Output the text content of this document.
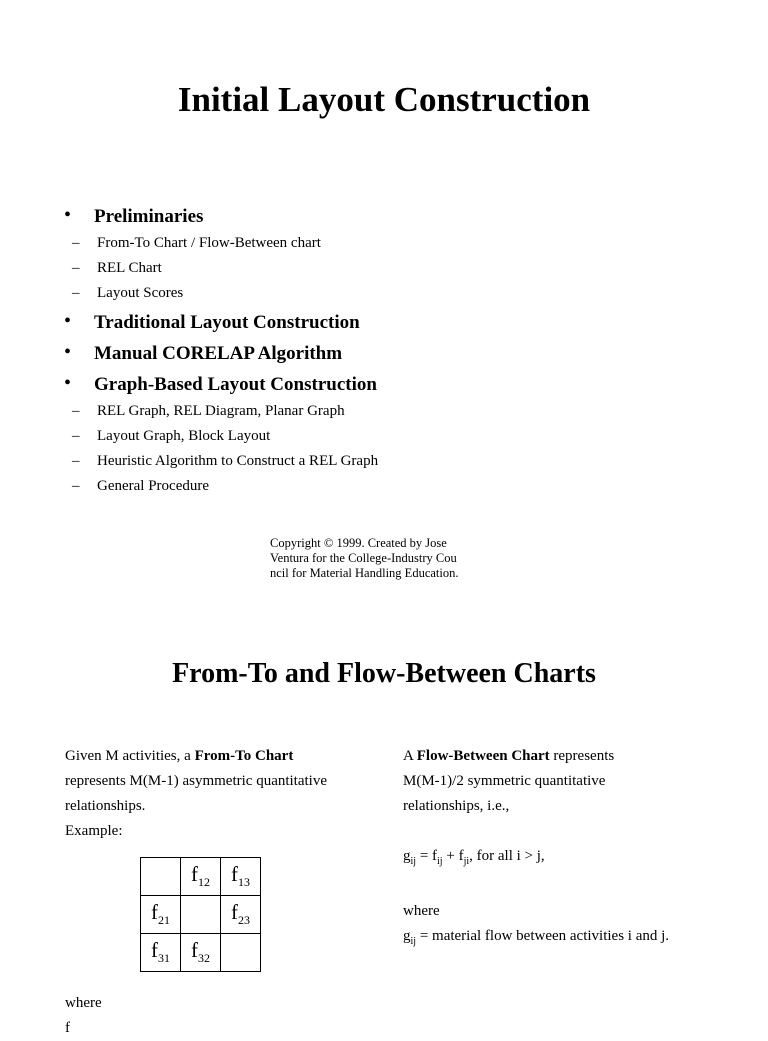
Initial Layout Construction
• Preliminaries
– From-To Chart / Flow-Between chart
– REL Chart
– Layout Scores
• Traditional Layout Construction
• Manual CORELAP Algorithm
• Graph-Based Layout Construction
– REL Graph, REL Diagram, Planar Graph
– Layout Graph, Block Layout
– Heuristic Algorithm to Construct a REL Graph
– General Procedure
Copyright © 1999. Created by Jose
Ventura for the College-Industry Cou
ncil for Material Handling Education.
From-To and Flow-Between Charts

Given M activities, a From-To Chart

represents M(M-1) asymmetric quantitative

relationships.

Example:

	$f_{12}$	$f_{13}$
$f_{21}$		$f_{23}$
$f_{31}$	$f_{32}$	
where
f

A Flow-Between Chart represents

M(M-1)/2 symmetric quantitative

relationships, i.e.,

$g_{ij} = f_{ij} + f_{ji}$, for all i > j,

where

$g_{ij}$ = material flow between activities i and j.
